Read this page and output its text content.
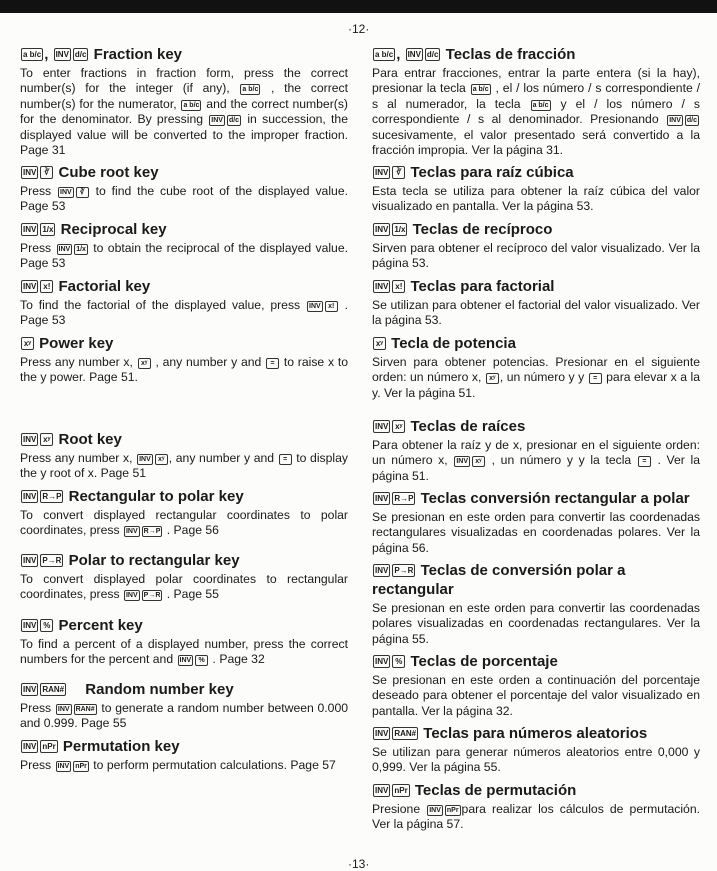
·12·
·13·
a b/c , INV d/c Fraction key
To enter fractions in fraction form, press the correct number(s) for the integer (if any), a b/c , the correct number(s) for the numerator, a b/c and the correct number(s) for the denominator. By pressing INV d/c in succession, the displayed value will be converted to the improper fraction. Page 31
INV ∛ Cube root key
Press INV ∛ to find the cube root of the displayed value. Page 53
INV 1/x Reciprocal key
Press INV 1/x to obtain the reciprocal of the displayed value. Page 53
INV x! Factorial key
To find the factorial of the displayed value, press INV x! . Page 53
xʸ Power key
Press any number x, xʸ , any number y and = to raise x to the y power. Page 51.
INV xʸ Root key
Press any number x, INV xʸ , any number y and = to display the y root of x. Page 51
INV R→P Rectangular to polar key
To convert displayed rectangular coordinates to polar coordinates, press INV R→P . Page 56
INV P→R Polar to rectangular key
To convert displayed polar coordinates to rectangular coordinates, press INV P→R . Page 55
INV % Percent key
To find a percent of a displayed number, press the correct numbers for the percent and INV % . Page 32
INV RAN# Random number key
Press INV RAN# to generate a random number between 0.000 and 0.999. Page 55
INV nPr Permutation key
Press INV nPr to perform permutation calculations. Page 57
a b/c , INV d/c Teclas de fracción
Para entrar fracciones, entrar la parte entera (si la hay), presionar la tecla a b/c , el / los número / s correspondiente / s al numerador, la tecla a b/c y el / los número / s correspondiente / s al denominador. Presionando INV d/c sucesivamente, el valor presentado será convertido a la fracción impropia. Ver la página 31.
INV ∛ Teclas para raíz cúbica
Esta tecla se utiliza para obtener la raíz cúbica del valor visualizado en pantalla. Ver la página 53.
INV 1/x Teclas de recíproco
Sirven para obtener el recíproco del valor visualizado. Ver la página 53.
INV x! Teclas para factorial
Se utilizan para obtener el factorial del valor visualizado. Ver la página 53.
xʸ Tecla de potencia
Sirven para obtener potencias. Presionar en el siguiente orden: un número x, xʸ , un número y y = para elevar x a la y. Ver la página 51.
INV xʸ Teclas de raíces
Para obtener la raíz y de x, presionar en el siguiente orden: un número x, INV xʸ , un número y y la tecla = . Ver la página 51.
INV R→P Teclas conversión rectangular a polar
Se presionan en este orden para convertir las coordenadas rectangulares visualizadas en coordenadas polares. Ver la página 56.
INV P→R Teclas de conversión polar a rectangular
Se presionan en este orden para convertir las coordenadas polares visualizadas en coordenadas rectangulares. Ver la página 55.
INV % Teclas de porcentaje
Se presionan en este orden a continuación del porcentaje deseado para obtener el porcentaje del valor visualizado en pantalla. Ver la página 32.
INV RAN# Teclas para números aleatorios
Se utilizan para generar números aleatorios entre 0,000 y 0,999. Ver la página 55.
INV nPr Teclas de permutación
Presione INV nPr para realizar los cálculos de permutación. Ver la página 57.
